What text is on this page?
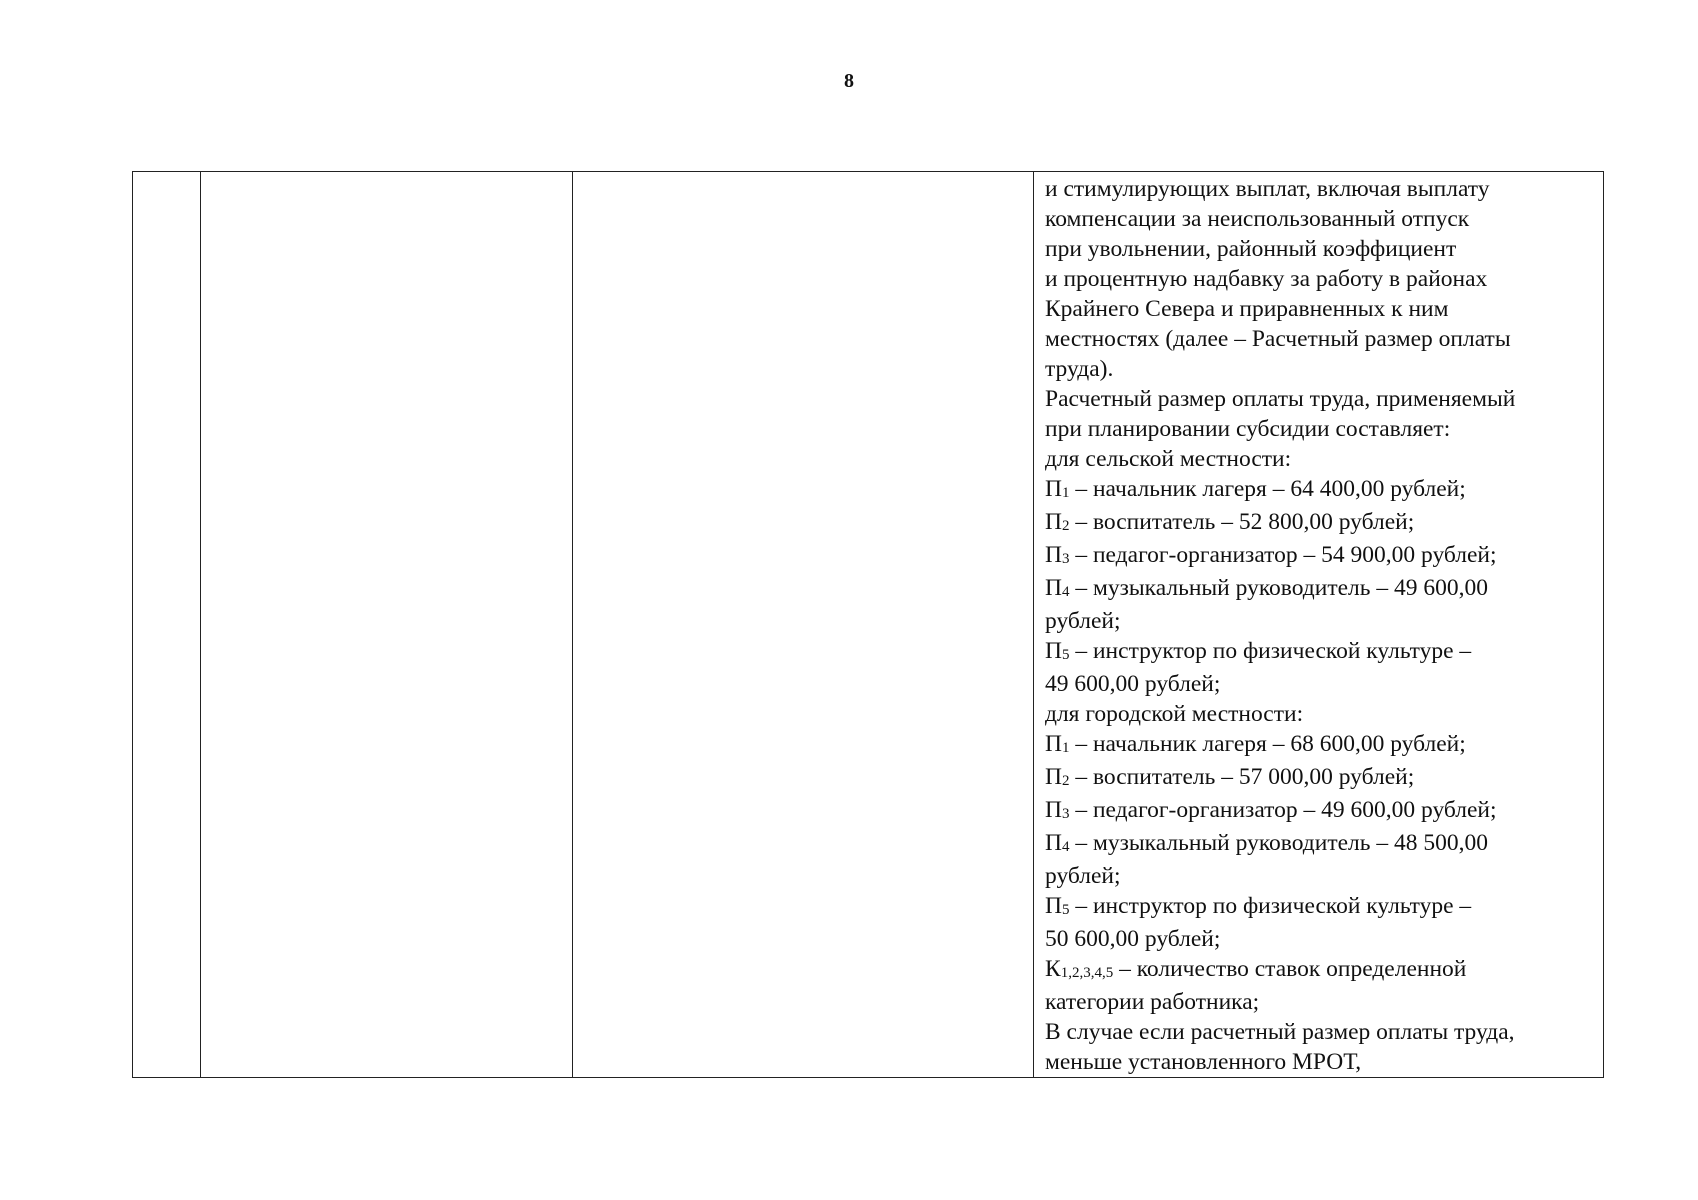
8

и стимулирующих выплат, включая выплату
компенсации за неиспользованный отпуск
при увольнении, районный коэффициент
и процентную надбавку за работу в районах
Крайнего Севера и приравненных к ним
местностях (далее – Расчетный размер оплаты
труда).
Расчетный размер оплаты труда, применяемый
при планировании субсидии составляет:
для сельской местности:
П1 – начальник лагеря – 64 400,00 рублей;
П2 – воспитатель – 52 800,00 рублей;
П3 – педагог-организатор – 54 900,00 рублей;
П4 – музыкальный руководитель – 49 600,00
рублей;
П5 – инструктор по физической культуре –
49 600,00 рублей;
для городской местности:
П1 – начальник лагеря – 68 600,00 рублей;
П2 – воспитатель – 57 000,00 рублей;
П3 – педагог-организатор – 49 600,00 рублей;
П4 – музыкальный руководитель – 48 500,00
рублей;
П5 – инструктор по физической культуре –
50 600,00 рублей;
К1,2,3,4,5 – количество ставок определенной
категории работника;
В случае если расчетный размер оплаты труда,
меньше установленного МРОТ,
